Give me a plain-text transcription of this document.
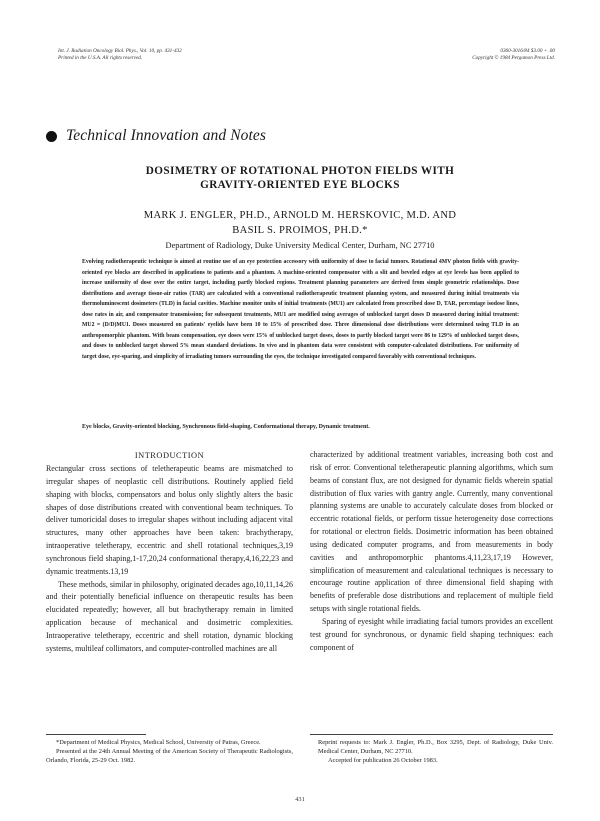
Int. J. Radiation Oncology Biol. Phys., Vol. 10, pp. 431-432
Printed in the U.S.A. All rights reserved.
0360-3016/84 $3.00 + .00
Copyright © 1984 Pergamon Press Ltd.
Technical Innovation and Notes
DOSIMETRY OF ROTATIONAL PHOTON FIELDS WITH
GRAVITY-ORIENTED EYE BLOCKS
MARK J. ENGLER, PH.D., ARNOLD M. HERSKOVIC, M.D. AND
BASIL S. PROIMOS, PH.D.*
Department of Radiology, Duke University Medical Center, Durham, NC 27710
Evolving radiotherapeutic technique is aimed at routine use of an eye protection accessory with uniformity of dose to facial tumors. Rotational 4MV photon fields with gravity-oriented eye blocks are described in applications to patients and a phantom. A machine-oriented compensator with a slit and beveled edges at eye levels has been applied to increase uniformity of dose over the entire target, including partly blocked regions. Treatment planning parameters are derived from simple geometric relationships. Dose distributions and average tissue-air ratios (TAR) are calculated with a conventional radiotherapeutic treatment planning system, and measured during initial treatments via thermoluminescent dosimeters (TLD) in facial cavities. Machine monitor units of initial treatments (MU1) are calculated from prescribed dose D, TAR, percentage isodose lines, dose rates in air, and compensator transmission; for subsequent treatments, MU1 are modified using averages of unblocked target doses D measured during initial treatment: MU2 = (D/D)MU1. Doses measured on patients' eyelids have been 10 to 15% of prescribed dose. Three dimensional dose distributions were determined using TLD in an anthropomorphic phantom. With beam compensation, eye doses were 15% of unblocked target doses, doses to partly blocked target were 86 to 129% of unblocked target doses, and doses to unblocked target showed 5% mean standard deviations. In vivo and in phantom data were consistent with computer-calculated distributions. For uniformity of target dose, eye-sparing, and simplicity of irradiating tumors surrounding the eyes, the technique investigated compared favorably with conventional techniques.
Eye blocks, Gravity-oriented blocking, Synchronous field-shaping, Conformational therapy, Dynamic treatment.

INTRODUCTION

Rectangular cross sections of teletherapeutic beams are mismatched to irregular shapes of neoplastic cell distributions. Routinely applied field shaping with blocks, compensators and bolus only slightly alters the basic shapes of dose distributions created with conventional beam techniques. To deliver tumoricidal doses to irregular shapes without including adjacent vital structures, many other approaches have been taken: brachytherapy, intraoperative teletherapy, eccentric and shell rotational techniques,3,19 synchronous field shaping,1-17,20,24 conformational therapy,4,16,22,23 and dynamic treatments.13,19

These methods, similar in philosophy, originated decades ago,10,11,14,26 and their potentially beneficial influence on therapeutic results has been elucidated repeatedly; however, all but brachytherapy remain in limited application because of mechanical and dosimetric complexities. Intraoperative teletherapy, eccentric and shell rotation, dynamic blocking systems, multileaf collimators, and computer-controlled machines are all

characterized by additional treatment variables, increasing both cost and risk of error. Conventional teletherapeutic planning algorithms, which sum beams of constant flux, are not designed for dynamic fields wherein spatial distribution of flux varies with gantry angle. Currently, many conventional planning systems are unable to accurately calculate doses from blocked or eccentric rotational fields, or perform tissue heterogeneity dose corrections for rotational or electron fields. Dosimetric information has been obtained using dedicated computer programs, and from measurements in body cavities and anthropomorphic phantoms.4,11,23,17,19 However, simplification of measurement and calculational techniques is necessary to encourage routine application of three dimensional field shaping with benefits of preferable dose distributions and replacement of multiple field setups with single rotational fields.

Sparing of eyesight while irradiating facial tumors provides an excellent test ground for synchronous, or dynamic field shaping techniques: each component of

*Department of Medical Physics, Medical School, University of Patras, Greece.

Presented at the 24th Annual Meeting of the American Society of Therapeutic Radiologists, Orlando, Florida, 25-29 Oct. 1982.

Reprint requests to: Mark J. Engler, Ph.D., Box 3295, Dept. of Radiology, Duke Univ. Medical Center, Durham, NC 27710.

Accepted for publication 26 October 1983.

431
